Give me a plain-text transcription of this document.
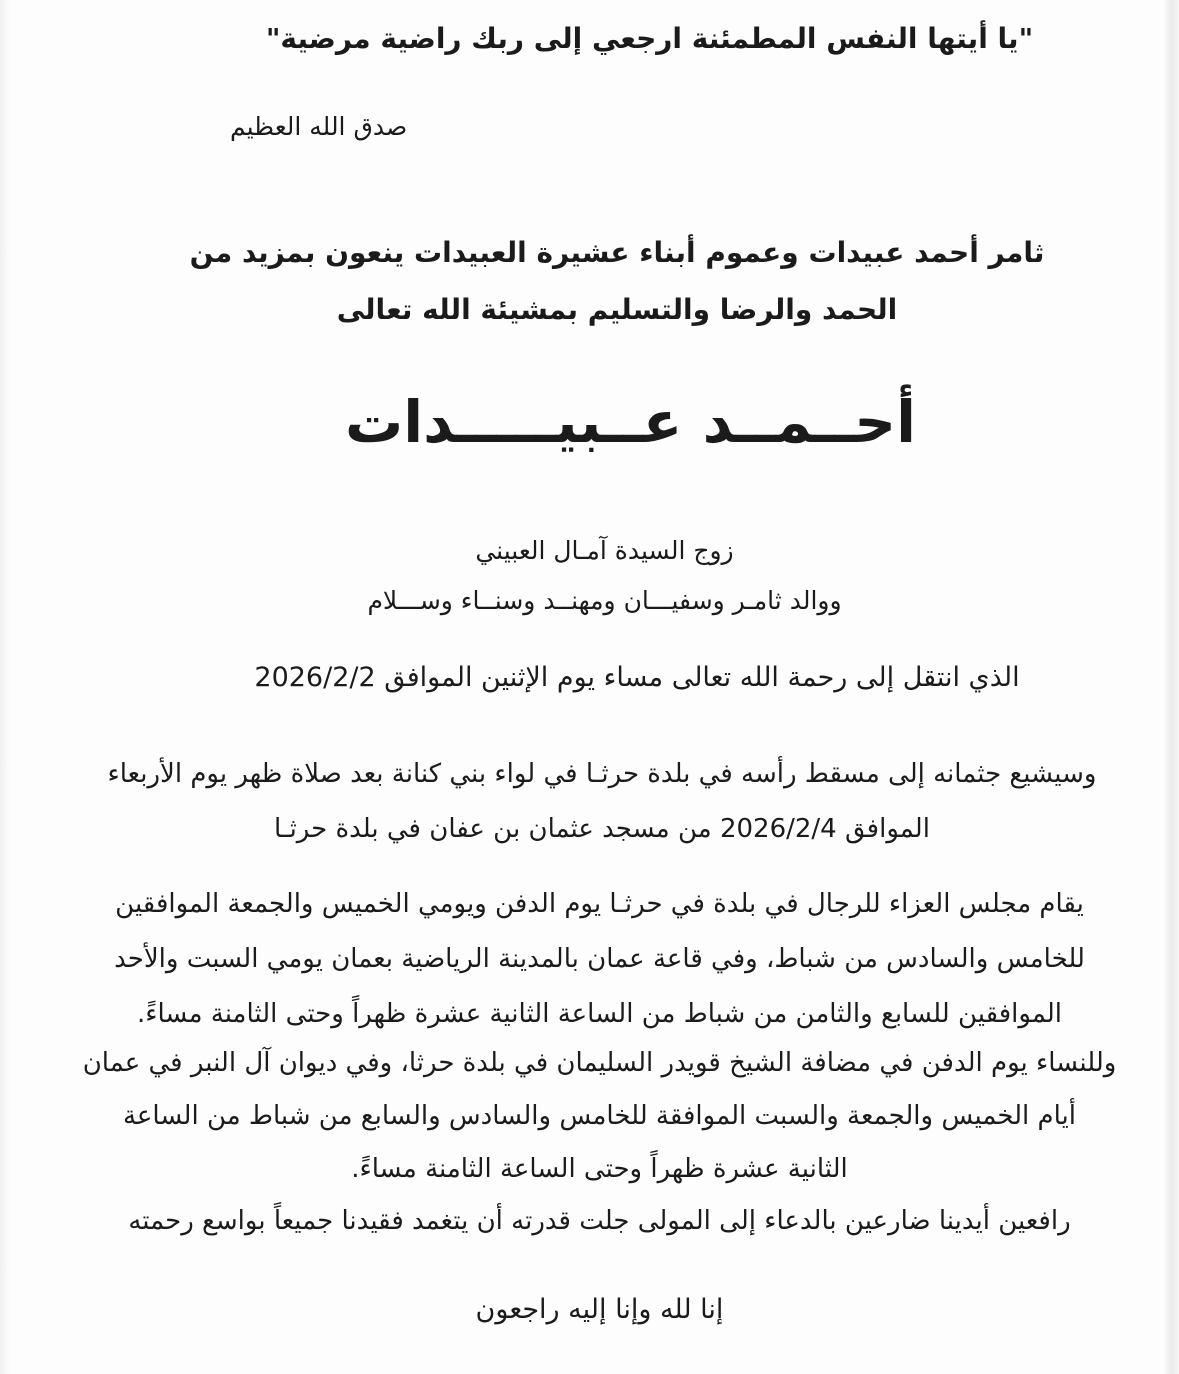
"يا أيتها النفس المطمئنة ارجعي إلى ربك راضية مرضية"
صدق الله العظيم
ثامر أحمد عبيدات وعموم أبناء عشيرة العبيدات ينعون بمزيد من
الحمد والرضا والتسليم بمشيئة الله تعالى
أحــمــد عــبيـــــدات
زوج السيدة آمـال العبيني
ووالد ثامـر وسفيـــان ومهنــد وسنــاء وســـلام
الذي انتقل إلى رحمة الله تعالى مساء يوم الإثنين الموافق 2026/2/2
وسيشيع جثمانه إلى مسقط رأسه في بلدة حرثـا في لواء بني كنانة بعد صلاة ظهر يوم الأربعاء
الموافق 2026/2/4 من مسجد عثمان بن عفان في بلدة حرثـا
يقام مجلس العزاء للرجال في بلدة في حرثـا يوم الدفن ويومي الخميس والجمعة الموافقين
للخامس والسادس من شباط، وفي قاعة عمان بالمدينة الرياضية بعمان يومي السبت والأحد
الموافقين للسابع والثامن من شباط من الساعة الثانية عشرة ظهراً وحتى الثامنة مساءً.
وللنساء يوم الدفن في مضافة الشيخ قويدر السليمان في بلدة حرثا، وفي ديوان آل النبر في عمان
أيام الخميس والجمعة والسبت الموافقة للخامس والسادس والسابع من شباط من الساعة
الثانية عشرة ظهراً وحتى الساعة الثامنة مساءً.
رافعين أيدينا ضارعين بالدعاء إلى المولى جلت قدرته أن يتغمد فقيدنا جميعاً بواسع رحمته
إنا لله وإنا إليه راجعون
